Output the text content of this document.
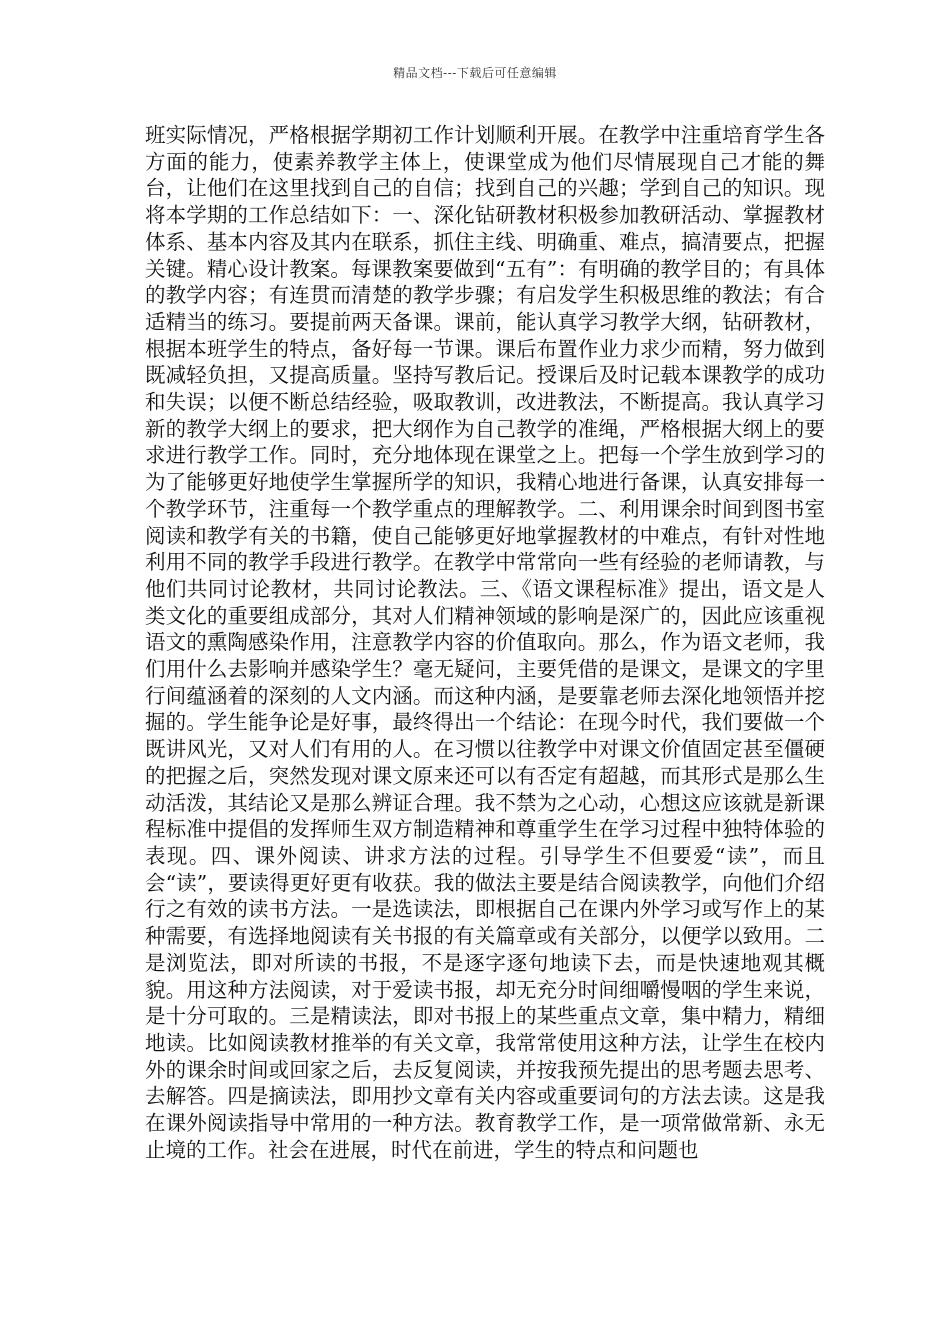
精品文档---下载后可任意编辑

班实际情况，严格根据学期初工作计划顺利开展。在教学中注重培育学生各方面的能力，使素养教学主体上，使课堂成为他们尽情展现自己才能的舞台，让他们在这里找到自己的自信；找到自己的兴趣；学到自己的知识。现将本学期的工作总结如下：一、深化钻研教材积极参加教研活动、掌握教材体系、基本内容及其内在联系，抓住主线、明确重、难点，搞清要点，把握关键。精心设计教案。每课教案要做到“五有”：有明确的教学目的；有具体的教学内容；有连贯而清楚的教学步骤；有启发学生积极思维的教法；有合适精当的练习。要提前两天备课。课前，能认真学习教学大纲，钻研教材，根据本班学生的特点，备好每一节课。课后布置作业力求少而精，努力做到既减轻负担，又提高质量。坚持写教后记。授课后及时记载本课教学的成功和失误；以便不断总结经验，吸取教训，改进教法，不断提高。我认真学习新的教学大纲上的要求，把大纲作为自己教学的准绳，严格根据大纲上的要求进行教学工作。同时，充分地体现在课堂之上。把每一个学生放到学习的为了能够更好地使学生掌握所学的知识，我精心地进行备课，认真安排每一个教学环节，注重每一个教学重点的理解教学。二、利用课余时间到图书室阅读和教学有关的书籍，使自己能够更好地掌握教材的中难点，有针对性地利用不同的教学手段进行教学。在教学中常常向一些有经验的老师请教，与他们共同讨论教材，共同讨论教法。三、《语文课程标准》提出，语文是人类文化的重要组成部分，其对人们精神领域的影响是深广的，因此应该重视语文的熏陶感染作用，注意教学内容的价值取向。那么，作为语文老师，我们用什么去影响并感染学生？毫无疑问，主要凭借的是课文，是课文的字里行间蕴涵着的深刻的人文内涵。而这种内涵，是要靠老师去深化地领悟并挖掘的。学生能争论是好事，最终得出一个结论：在现今时代，我们要做一个既讲风光，又对人们有用的人。在习惯以往教学中对课文价值固定甚至僵硬的把握之后，突然发现对课文原来还可以有否定有超越，而其形式是那么生动活泼，其结论又是那么辨证合理。我不禁为之心动，心想这应该就是新课程标准中提倡的发挥师生双方制造精神和尊重学生在学习过程中独特体验的表现。四、课外阅读、讲求方法的过程。引导学生不但要爱“读”，而且会“读”，要读得更好更有收获。我的做法主要是结合阅读教学，向他们介绍行之有效的读书方法。一是选读法，即根据自己在课内外学习或写作上的某种需要，有选择地阅读有关书报的有关篇章或有关部分，以便学以致用。二是浏览法，即对所读的书报，不是逐字逐句地读下去，而是快速地观其概貌。用这种方法阅读，对于爱读书报，却无充分时间细嚼慢咽的学生来说，是十分可取的。三是精读法，即对书报上的某些重点文章，集中精力，精细地读。比如阅读教材推举的有关文章，我常常使用这种方法，让学生在校内外的课余时间或回家之后，去反复阅读，并按我预先提出的思考题去思考、去解答。四是摘读法，即用抄文章有关内容或重要词句的方法去读。这是我在课外阅读指导中常用的一种方法。教育教学工作，是一项常做常新、永无止境的工作。社会在进展，时代在前进，学生的特点和问题也
